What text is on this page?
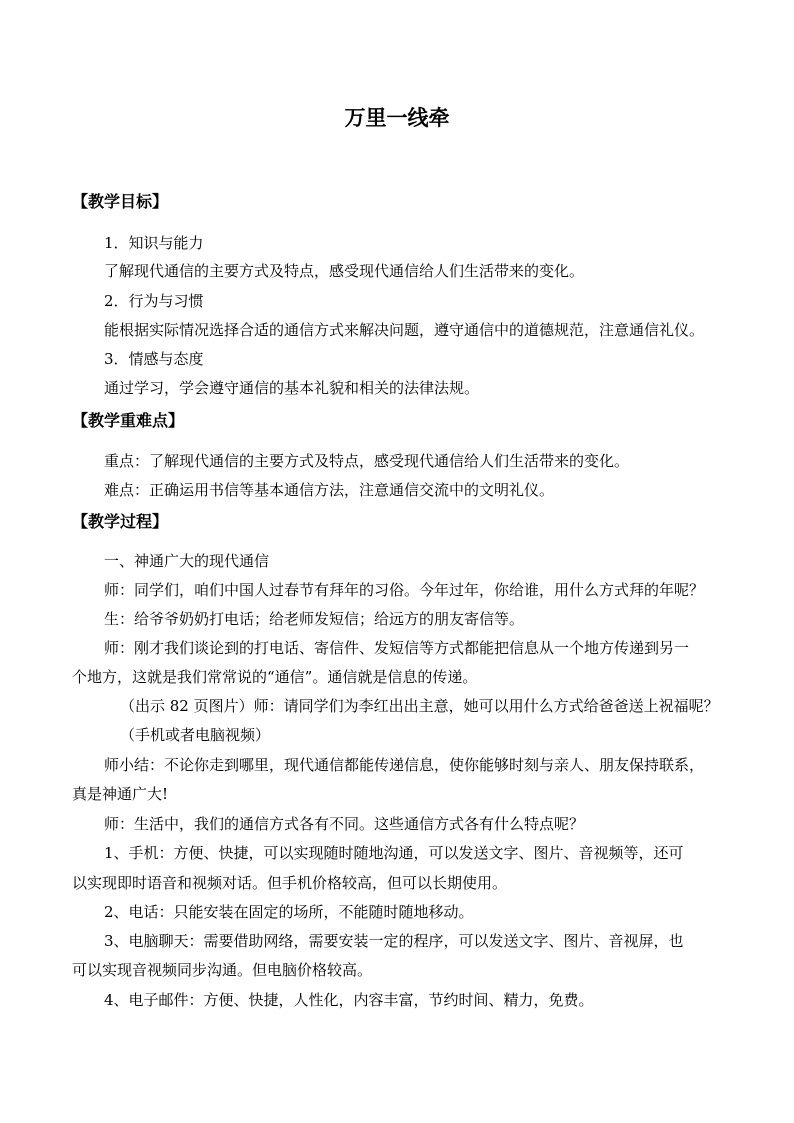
万里一线牵
【教学目标】
1．知识与能力
了解现代通信的主要方式及特点，感受现代通信给人们生活带来的变化。
2．行为与习惯
能根据实际情况选择合适的通信方式来解决问题，遵守通信中的道德规范，注意通信礼仪。
3．情感与态度
通过学习，学会遵守通信的基本礼貌和相关的法律法规。
【教学重难点】
重点：了解现代通信的主要方式及特点，感受现代通信给人们生活带来的变化。
难点：正确运用书信等基本通信方法，注意通信交流中的文明礼仪。
【教学过程】
一、神通广大的现代通信
师：同学们，咱们中国人过春节有拜年的习俗。今年过年，你给谁，用什么方式拜的年呢？
生：给爷爷奶奶打电话；给老师发短信；给远方的朋友寄信等。
师：刚才我们谈论到的打电话、寄信件、发短信等方式都能把信息从一个地方传递到另一
个地方，这就是我们常常说的“通信”。通信就是信息的传递。
（出示 82 页图片）师：请同学们为李红出出主意，她可以用什么方式给爸爸送上祝福呢？
（手机或者电脑视频）
师小结：不论你走到哪里，现代通信都能传递信息，使你能够时刻与亲人、朋友保持联系，
真是神通广大!
师：生活中，我们的通信方式各有不同。这些通信方式各有什么特点呢？
1、手机：方便、快捷，可以实现随时随地沟通，可以发送文字、图片、音视频等，还可
以实现即时语音和视频对话。但手机价格较高，但可以长期使用。
2、电话：只能安装在固定的场所，不能随时随地移动。
3、电脑聊天：需要借助网络，需要安装一定的程序，可以发送文字、图片、音视屏，也
可以实现音视频同步沟通。但电脑价格较高。
4、电子邮件：方便、快捷，人性化，内容丰富，节约时间、精力，免费。
